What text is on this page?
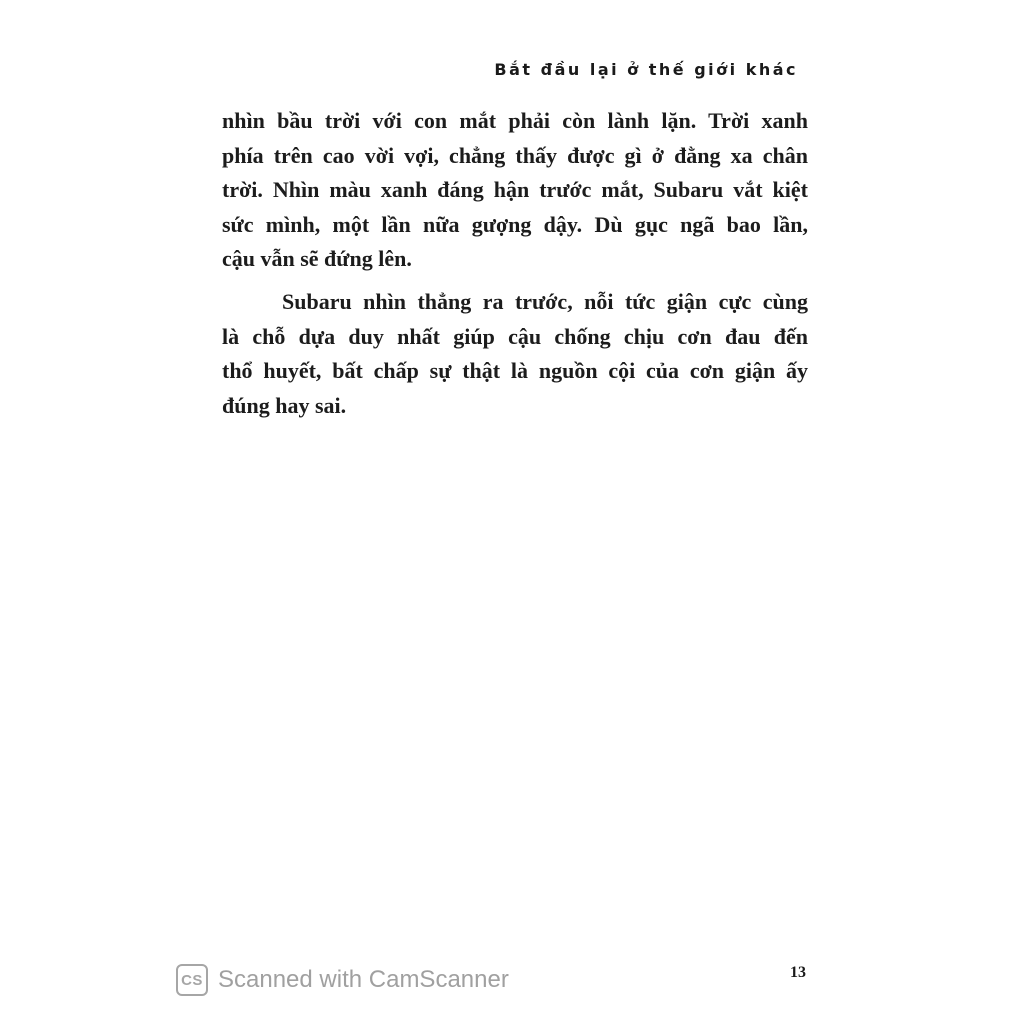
Bắt đầu lại ở thế giới khác
nhìn bầu trời với con mắt phải còn lành lặn. Trời xanh
phía trên cao vời vợi, chẳng thấy được gì ở đằng xa chân
trời. Nhìn màu xanh đáng hận trước mắt, Subaru vắt kiệt
sức mình, một lần nữa gượng dậy. Dù gục ngã bao lần,
cậu vẫn sẽ đứng lên.
Subaru nhìn thẳng ra trước, nỗi tức giận cực cùng
là chỗ dựa duy nhất giúp cậu chống chịu cơn đau đến
thổ huyết, bất chấp sự thật là nguồn cội của cơn giận ấy
đúng hay sai.
CS Scanned with CamScanner	13
